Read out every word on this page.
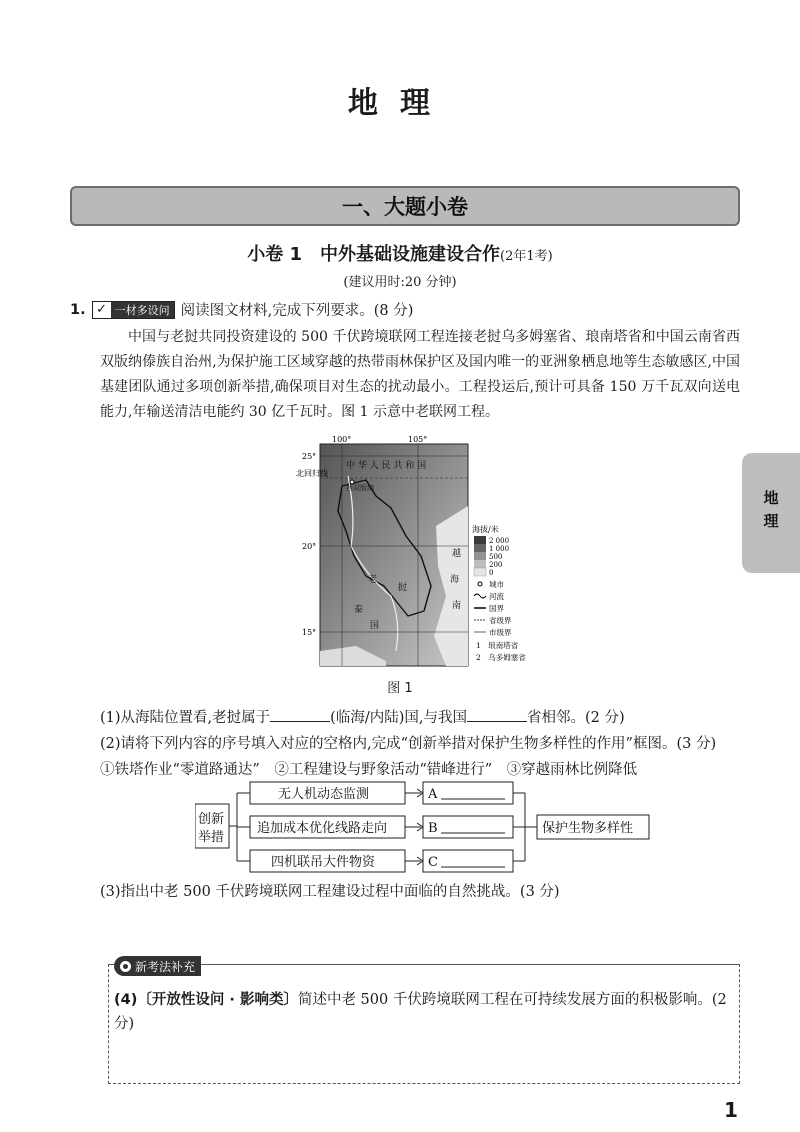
地理
一、大题小卷
小卷 1　中外基础设施建设合作(2年1考)
(建议用时:20 分钟)
1. ✓ 一材多设问 阅读图文材料,完成下列要求。(8 分)
中国与老挝共同投资建设的 500 千伏跨境联网工程连接老挝乌多姆塞省、琅南塔省和中国云南省西双版纳傣族自治州,为保护施工区域穿越的热带雨林保护区及国内唯一的亚洲象栖息地等生态敏感区,中国基建团队通过多项创新举措,确保项目对生态的扰动最小。工程投运后,预计可具备 150 万千瓦双向送电能力,年输送清洁电能约 30 亿千瓦时。图 1 示意中老联网工程。
100°	105°
25°
20°
15°
北回归线
中 华 人 民 共 和 国
西双版纳
越
南
老
挝
泰
国
海
海拔/米
2 000
1 000
500
200
0
城市
河流
国界
省级界
市级界
1　琅南塔省
2　乌多姆塞省
图 1
(1)从海陆位置看,老挝属于	(临海/内陆)国,与我国	省相邻。(2 分)
(2)请将下列内容的序号填入对应的空格内,完成“创新举措对保护生物多样性的作用”框图。(3 分)
①铁塔作业“零道路通达”　②工程建设与野象活动“错峰进行”　③穿越雨林比例降低
创新
举措
无人机动态监测
追加成本优化线路走向
四机联吊大件物资
A
B
C
保护生物多样性
(3)指出中老 500 千伏跨境联网工程建设过程中面临的自然挑战。(3 分)
新考法补充
(4)〔开放性设问 · 影响类〕简述中老 500 千伏跨境联网工程在可持续发展方面的积极影响。(2 分)
地理
1
